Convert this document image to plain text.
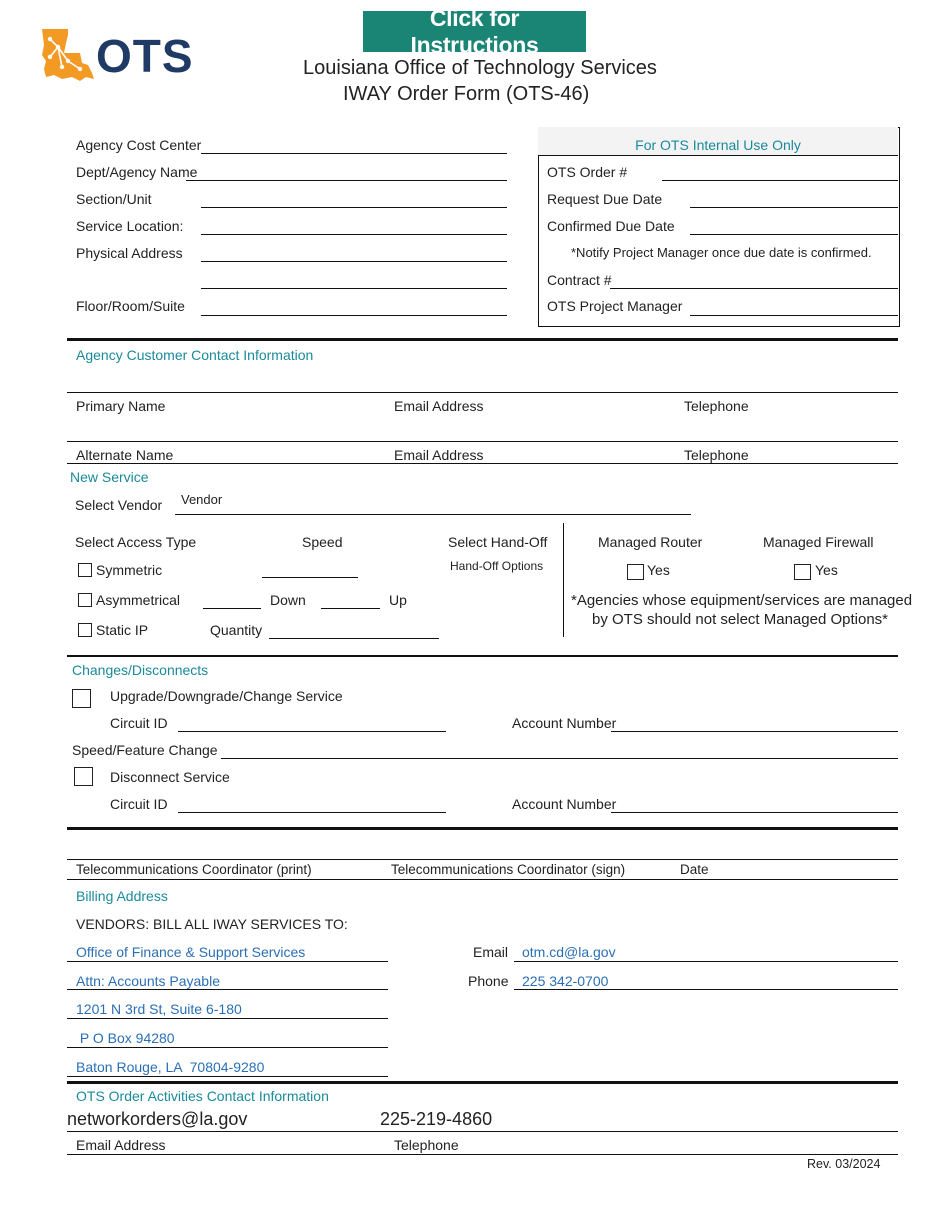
OTS
Click for Instructions
Louisiana Office of Technology Services
IWAY Order Form (OTS-46)
Agency Cost Center
Dept/Agency Name
Section/Unit
Service Location:
Physical Address
Floor/Room/Suite
For OTS Internal Use Only
OTS Order #
Request Due Date
Confirmed Due Date
*Notify Project Manager once due date is confirmed.
Contract #
OTS Project Manager
Agency Customer Contact Information
Primary Name	Email Address	Telephone
Alternate Name	Email Address	Telephone
New Service
Select Vendor Vendor
Select Access Type	Speed	Select Hand-Off
Hand-Off Options
Symmetric
Asymmetrical	Down	Up
Static IP	Quantity
Managed Router	Managed Firewall
Yes	Yes
*Agencies whose equipment/services are managed
by OTS should not select Managed Options*
Changes/Disconnects
Upgrade/Downgrade/Change Service
Circuit ID	Account Number
Speed/Feature Change
Disconnect Service
Circuit ID	Account Number
Telecommunications Coordinator (print)	Telecommunications Coordinator (sign)	Date
Billing Address
VENDORS: BILL ALL IWAY SERVICES TO:
Office of Finance & Support Services
Attn: Accounts Payable
1201 N 3rd St, Suite 6-180
P O Box 94280
Baton Rouge, LA  70804-9280
Email otm.cd@la.gov
Phone 225 342-0700
OTS Order Activities Contact Information
networkorders@la.gov	225-219-4860
Email Address	Telephone
Rev. 03/2024
